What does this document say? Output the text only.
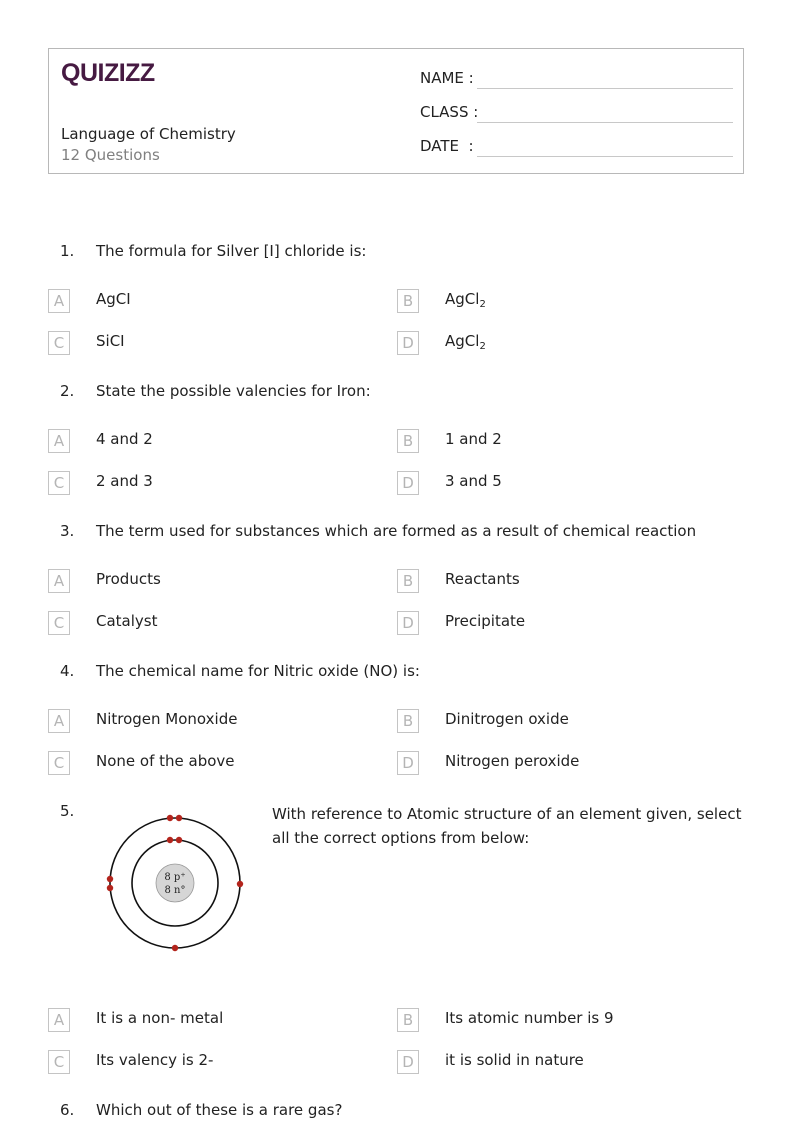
QUIZIZZ
Language of Chemistry
12 Questions
NAME :
CLASS :
DATE  :
1. The formula for Silver [I] chloride is:
A	AgCI	B	AgCl$_2$
C	SiCI	D	AgCl$_2$
2. State the possible valencies for Iron:
A	4 and 2	B	1 and 2
C	2 and 3	D	3 and 5
3. The term used for substances which are formed as a result of chemical reaction
A	Products	B	Reactants
C	Catalyst	D	Precipitate
4. The chemical name for Nitric oxide (NO) is:
A	Nitrogen Monoxide	B	Dinitrogen oxide
C	None of the above	D	Nitrogen peroxide
5.
8 p⁺
8 n°
With reference to Atomic structure of an element given, select all the correct options from below:
A	It is a non- metal	B	Its atomic number is 9
C	Its valency is 2-	D	it is solid in nature
6. Which out of these is a rare gas?
